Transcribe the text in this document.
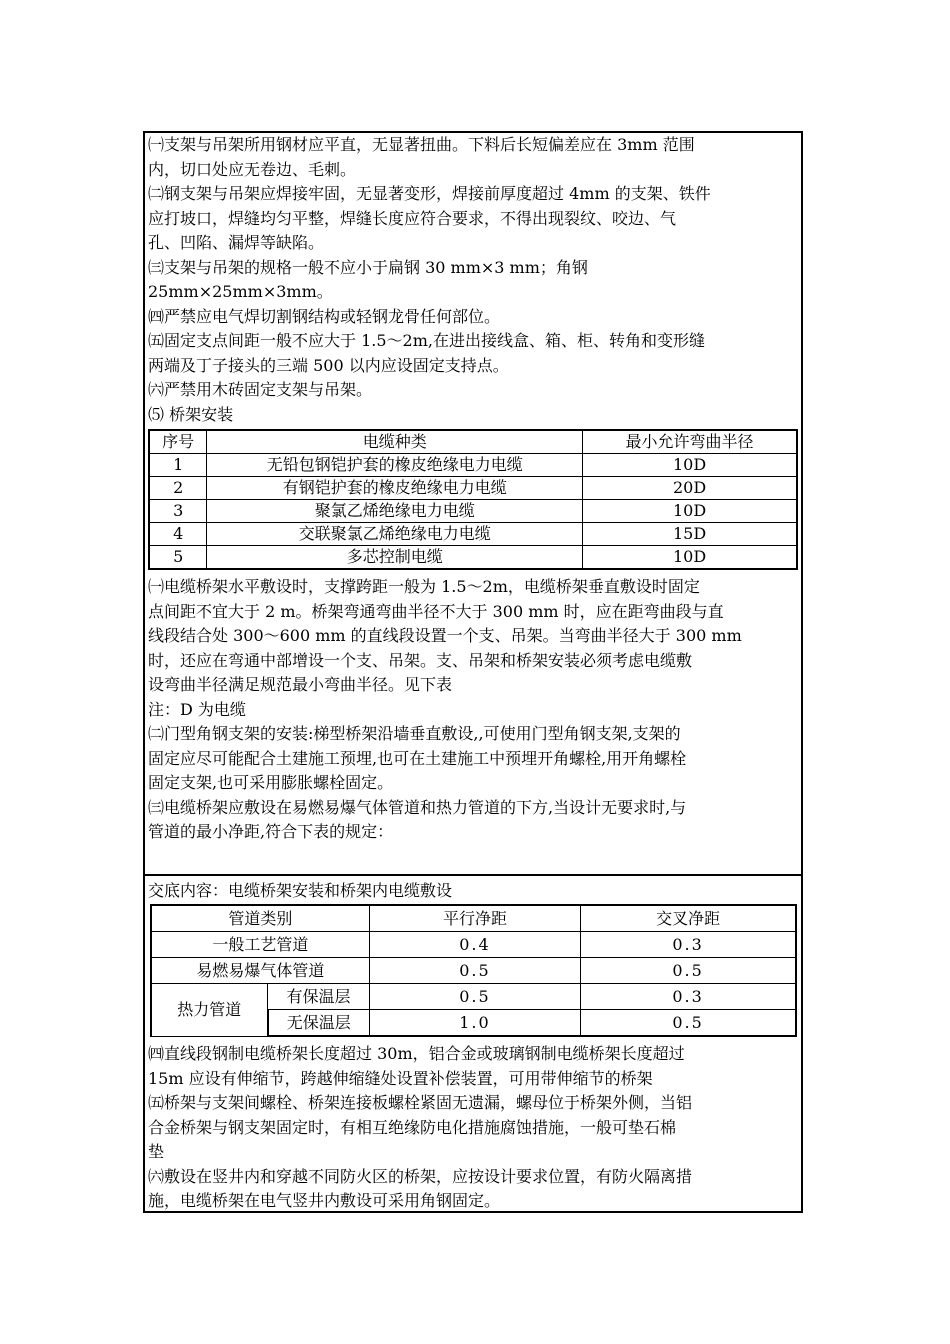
㈠支架与吊架所用钢材应平直，无显著扭曲。下料后长短偏差应在 3mm 范围
内，切口处应无卷边、毛刺。
㈡钢支架与吊架应焊接牢固，无显著变形，焊接前厚度超过 4mm 的支架、铁件
应打坡口，焊缝均匀平整，焊缝长度应符合要求，不得出现裂纹、咬边、气
孔、凹陷、漏焊等缺陷。
㈢支架与吊架的规格一般不应小于扁钢 30 mm×3 mm；角钢
25mm×25mm×3mm。
㈣严禁应电气焊切割钢结构或轻钢龙骨任何部位。
㈤固定支点间距一般不应大于 1.5～2m,在进出接线盒、箱、柜、转角和变形缝
两端及丁子接头的三端 500 以内应设固定支持点。
㈥严禁用木砖固定支架与吊架。
⑸ 桥架安装
序号	电缆种类	最小允许弯曲半径
1	无铅包钢铠护套的橡皮绝缘电力电缆	10D
2	有钢铠护套的橡皮绝缘电力电缆	20D
3	聚氯乙烯绝缘电力电缆	10D
4	交联聚氯乙烯绝缘电力电缆	15D
5	多芯控制电缆	10D
㈠电缆桥架水平敷设时，支撑跨距一般为 1.5～2m，电缆桥架垂直敷设时固定
点间距不宜大于 2 m。桥架弯通弯曲半径不大于 300 mm 时，应在距弯曲段与直
线段结合处 300～600 mm 的直线段设置一个支、吊架。当弯曲半径大于 300 mm
时，还应在弯通中部增设一个支、吊架。支、吊架和桥架安装必须考虑电缆敷
设弯曲半径满足规范最小弯曲半径。见下表
注：D 为电缆
㈡门型角钢支架的安装:梯型桥架沿墙垂直敷设,,可使用门型角钢支架,支架的
固定应尽可能配合土建施工预埋,也可在土建施工中预埋开角螺栓,用开角螺栓
固定支架,也可采用膨胀螺栓固定。
㈢电缆桥架应敷设在易燃易爆气体管道和热力管道的下方,当设计无要求时,与
管道的最小净距,符合下表的规定：
交底内容：电缆桥架安装和桥架内电缆敷设
管道类别		平行净距	交叉净距
一般工艺管道		0.4	0.3
易燃易爆气体管道		0.5	0.5
热力管道	有保温层	0.5	0.3
	无保温层	1.0	0.5
㈣直线段钢制电缆桥架长度超过 30m，铝合金或玻璃钢制电缆桥架长度超过
15m 应设有伸缩节，跨越伸缩缝处设置补偿装置，可用带伸缩节的桥架
㈤桥架与支架间螺栓、桥架连接板螺栓紧固无遗漏，螺母位于桥架外侧，当铝
合金桥架与钢支架固定时，有相互绝缘防电化措施腐蚀措施，一般可垫石棉
垫
㈥敷设在竖井内和穿越不同防火区的桥架，应按设计要求位置，有防火隔离措
施，电缆桥架在电气竖井内敷设可采用角钢固定。
